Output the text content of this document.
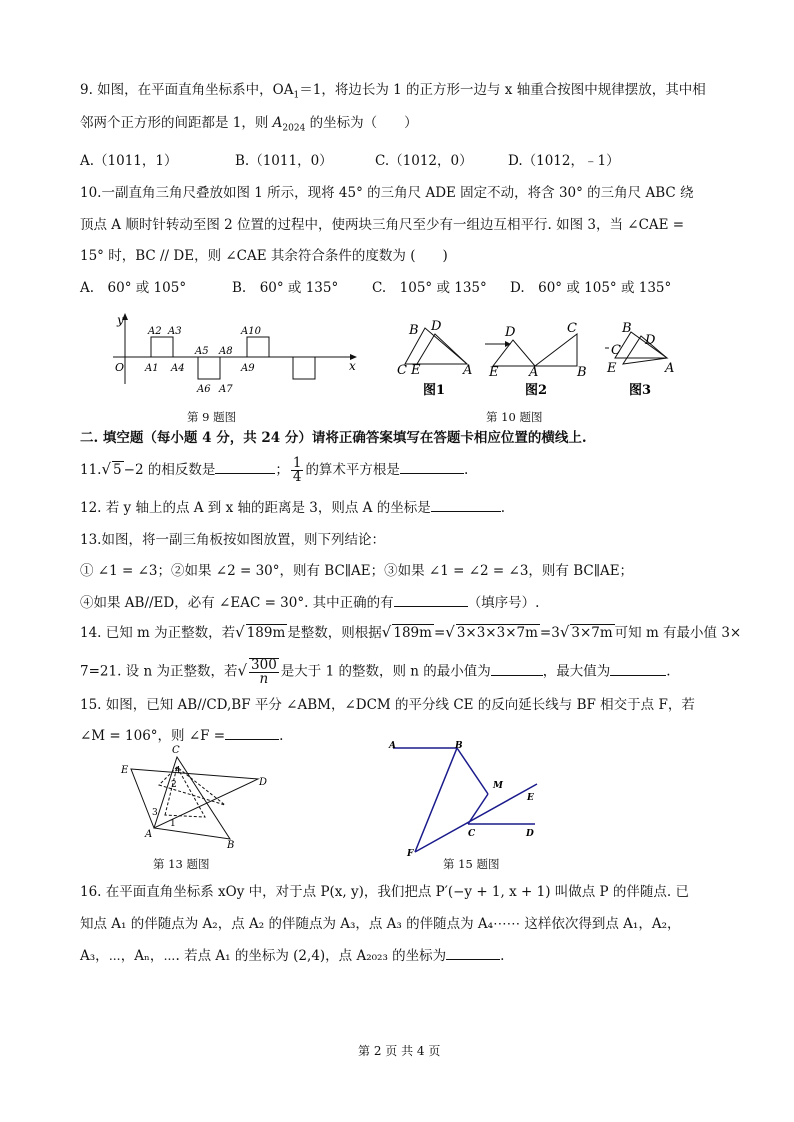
9. 如图，在平面直角坐标系中，$OA_1=1$，将边长为 1 的正方形一边与 x 轴重合按图中规律摆放，其中相
邻两个正方形的间距都是 1，则 $A_{2024}$ 的坐标为（　　）
A.（1011，1）	B.（1011，0）	C.（1012，0）	D.（1012，﹣1）
10.一副直角三角尺叠放如图 1 所示，现将 45° 的三角尺 ADE 固定不动，将含 30° 的三角尺 ABC 绕
顶点 A 顺时针转动至图 2 位置的过程中，使两块三角尺至少有一组边互相平行. 如图 3，当 ∠CAE =
15° 时，BC // DE，则 ∠CAE 其余符合条件的度数为 (　　)
A.　60° 或 105°	B.　60° 或 135°	C.　105° 或 135° D.　60° 或 105° 或 135°
y
x
O A1
A2 A3
A4
A5
A6 A7
A8
A9
A10
第 9 题图
B D
C E	A
D	C
E A	B
B
D
C
E	A
图1	图2	图3
第 10 题图
二. 填空题（每小题 4 分，共 24 分）请将正确答案填写在答题卡相应位置的横线上.
11.√ 5 −2 的相反数是	； $\frac{1}{4}$ 的算术平方根是	.
12. 若 y 轴上的点 A 到 x 轴的距离是 3，则点 A 的坐标是	.
13.如图，将一副三角板按如图放置，则下列结论：
① ∠1 = ∠3；②如果 ∠2 = 30°，则有 BC∥AE；③如果 ∠1 = ∠2 = ∠3，则有 BC∥AE；
④如果 AB//ED，必有 ∠EAC = 30°. 其中正确的有	（填序号）.
14. 已知 m 为正整数，若√ 189m 是整数，则根据√ 189m =√ 3×3×3×7m =3√ 3×7m 可知 m 有最小值 3×
7=21. 设 n 为正整数，若√ $\frac{300}{n}$ 是大于 1 的整数，则 n 的最小值为	，最大值为	.
15. 如图，已知 AB//CD,BF 平分 ∠ABM，∠DCM 的平分线 CE 的反向延长线与 BF 相交于点 F，若
∠M = 106°，则 ∠F =	.
C
E
D
A
B
4
2
3
1
第 13 题图
A	B
M
E
C	D
F
第 15 题图
16. 在平面直角坐标系 xOy 中，对于点 P(x, y)，我们把点 P′(−y + 1, x + 1) 叫做点 P 的伴随点. 已
知点 A₁ 的伴随点为 A₂，点 A₂ 的伴随点为 A₃，点 A₃ 的伴随点为 A₄⋯⋯ 这样依次得到点 A₁，A₂，
A₃，⋯，Aₙ，⋯. 若点 A₁ 的坐标为 (2,4)，点 A₂₀₂₃ 的坐标为	.
第 2 页 共 4 页
